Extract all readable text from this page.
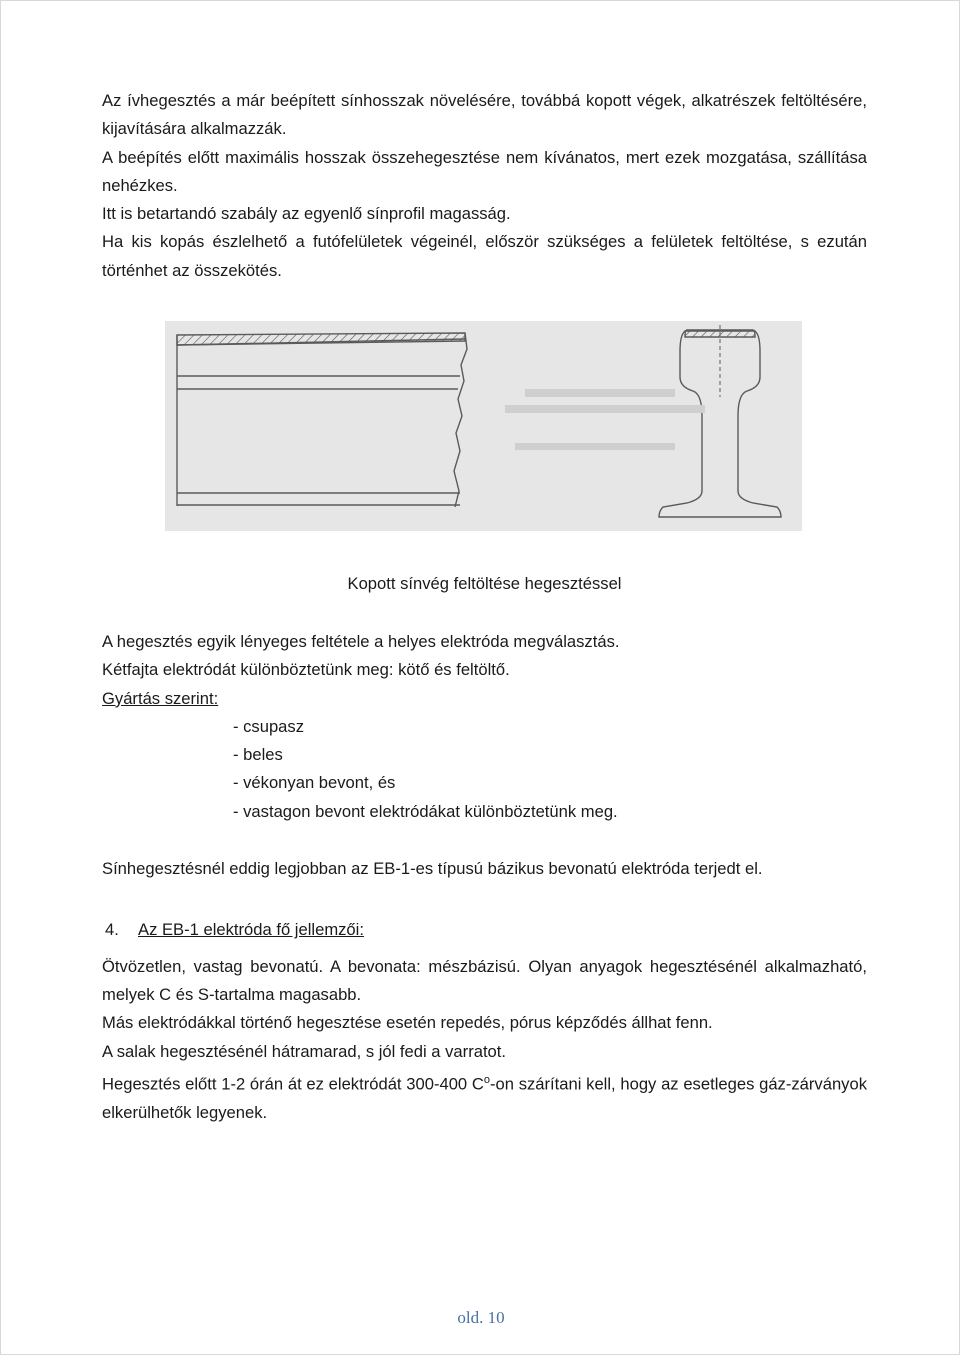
Az ívhegesztés a már beépített sínhosszak növelésére, továbbá kopott végek, alkatrészek feltöltésére, kijavítására alkalmazzák.
A beépítés előtt maximális hosszak összehegesztése nem kívánatos, mert ezek mozgatása, szállítása nehézkes.
Itt is betartandó szabály az egyenlő sínprofil magasság.
Ha kis kopás észlelhető a futófelületek végeinél, először szükséges a felületek feltöltése, s ezután történhet az összekötés.
Kopott sínvég feltöltése hegesztéssel
A hegesztés egyik lényeges feltétele a helyes elektróda megválasztás.
Kétfajta elektródát különböztetünk meg: kötő és feltöltő.
Gyártás szerint:
- csupasz
- beles
- vékonyan bevont, és
- vastagon bevont elektródákat különböztetünk meg.
Sínhegesztésnél eddig legjobban az EB-1-es típusú bázikus bevonatú elektróda terjedt el.
4. Az EB-1 elektróda fő jellemzői:
Ötvözetlen, vastag bevonatú. A bevonata: mészbázisú. Olyan anyagok hegesztésénél alkalmazható, melyek C és S-tartalma magasabb.
Más elektródákkal történő hegesztése esetén repedés, pórus képződés állhat fenn.
A salak hegesztésénél hátramarad, s jól fedi a varratot.
Hegesztés előtt 1-2 órán át ez elektródát 300-400 $C^o-on$ szárítani kell, hogy az esetleges gáz-zárványok elkerülhetők legyenek.
old. 10
